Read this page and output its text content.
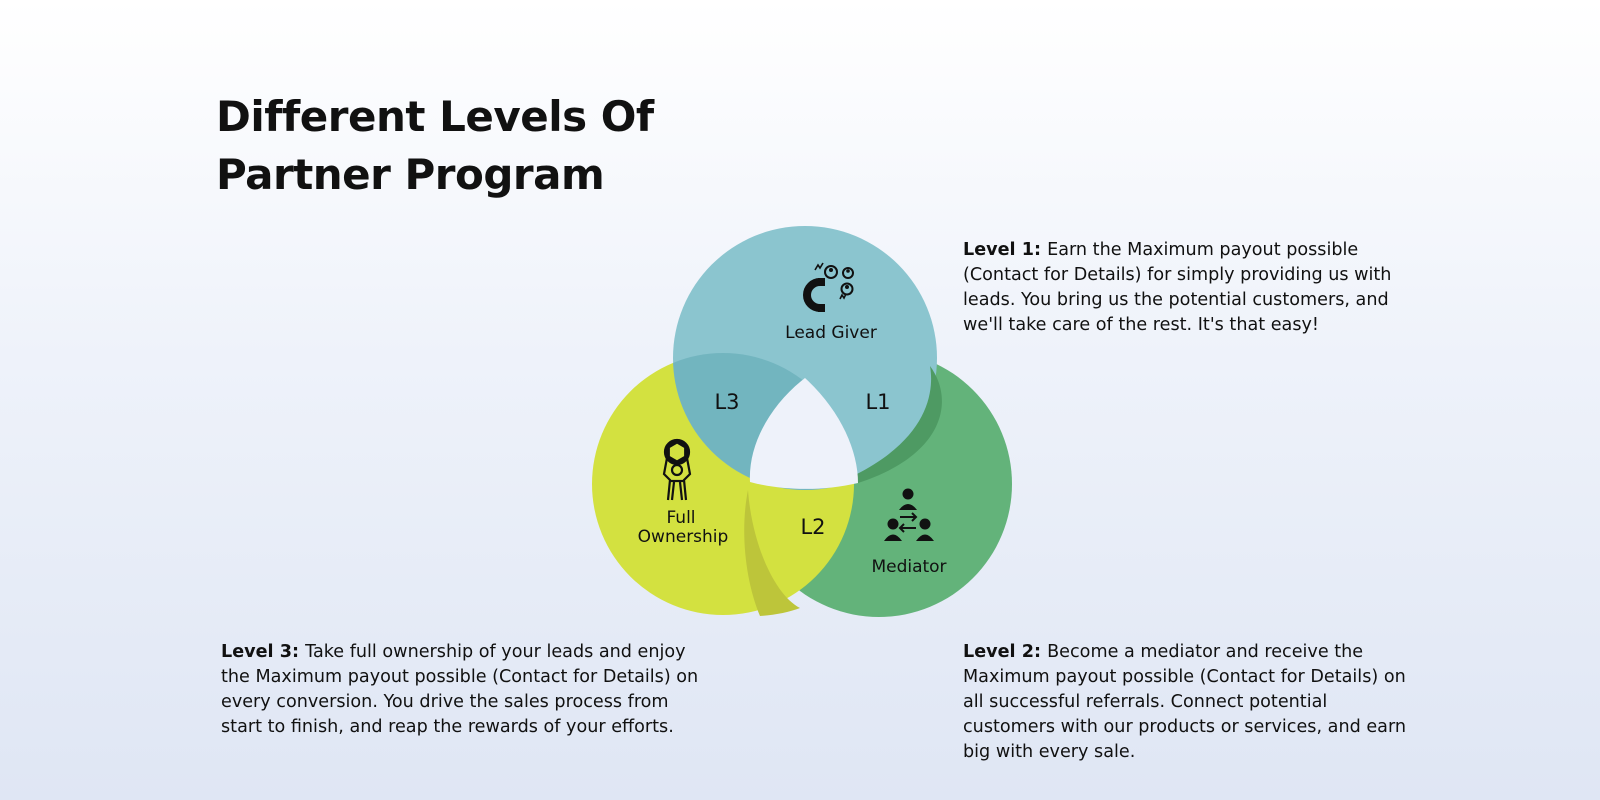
Different Levels Of
Partner Program
L1
L3
L2
Lead Giver
Full
Ownership
Mediator

Level 1: Earn the Maximum payout possible (Contact for Details) for simply providing us with leads. You bring us the potential customers, and we'll take care of the rest. It's that easy!

Level 2: Become a mediator and receive the Maximum payout possible (Contact for Details) on all successful referrals. Connect potential customers with our products or services, and earn big with every sale.

Level 3: Take full ownership of your leads and enjoy the Maximum payout possible (Contact for Details) on every conversion. You drive the sales process from start to finish, and reap the rewards of your efforts.
